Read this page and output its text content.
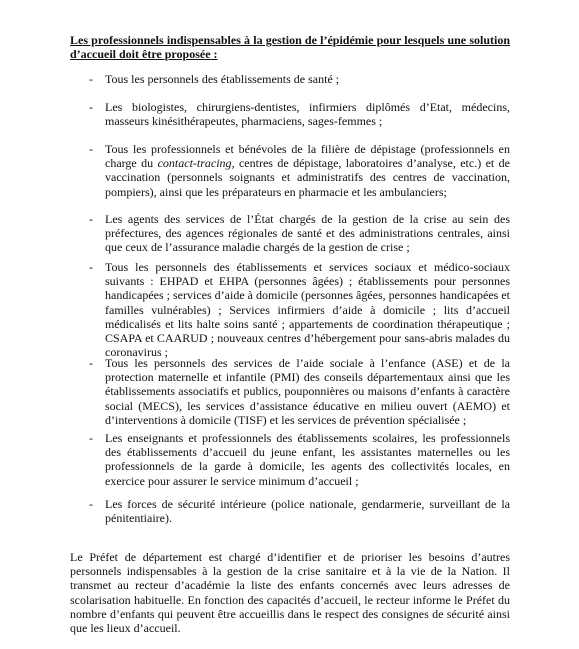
Les professionnels indispensables à la gestion de l’épidémie pour lesquels une solution d’accueil doit être proposée :
- Tous les personnels des établissements de santé ;
- Les biologistes, chirurgiens-dentistes, infirmiers diplômés d’Etat, médecins, masseurs kinésithérapeutes, pharmaciens, sages-femmes ;
- Tous les professionnels et bénévoles de la filière de dépistage (professionnels en charge du contact-tracing, centres de dépistage, laboratoires d’analyse, etc.) et de vaccination (personnels soignants et administratifs des centres de vaccination, pompiers), ainsi que les préparateurs en pharmacie et les ambulanciers;
- Les agents des services de l’État chargés de la gestion de la crise au sein des préfectures, des agences régionales de santé et des administrations centrales, ainsi que ceux de l’assurance maladie chargés de la gestion de crise ;
- Tous les personnels des établissements et services sociaux et médico-sociaux suivants : EHPAD et EHPA (personnes âgées) ; établissements pour personnes handicapées ; services d’aide à domicile (personnes âgées, personnes handicapées et familles vulnérables) ; Services infirmiers d’aide à domicile ; lits d’accueil médicalisés et lits halte soins santé ; appartements de coordination thérapeutique ; CSAPA et CAARUD ; nouveaux centres d’hébergement pour sans-abris malades du coronavirus ;
- Tous les personnels des services de l’aide sociale à l’enfance (ASE) et de la protection maternelle et infantile (PMI) des conseils départementaux ainsi que les établissements associatifs et publics, pouponnières ou maisons d’enfants à caractère social (MECS), les services d’assistance éducative en milieu ouvert (AEMO) et d’interventions à domicile (TISF) et les services de prévention spécialisée ;
- Les enseignants et professionnels des établissements scolaires, les professionnels des établissements d’accueil du jeune enfant, les assistantes maternelles ou les professionnels de la garde à domicile, les agents des collectivités locales, en exercice pour assurer le service minimum d’accueil ;
- Les forces de sécurité intérieure (police nationale, gendarmerie, surveillant de la pénitentiaire).

Le Préfet de département est chargé d’identifier et de prioriser les besoins d’autres personnels indispensables à la gestion de la crise sanitaire et à la vie de la Nation. Il transmet au recteur d’académie la liste des enfants concernés avec leurs adresses de scolarisation habituelle. En fonction des capacités d’accueil, le recteur informe le Préfet du nombre d’enfants qui peuvent être accueillis dans le respect des consignes de sécurité ainsi que les lieux d’accueil.
